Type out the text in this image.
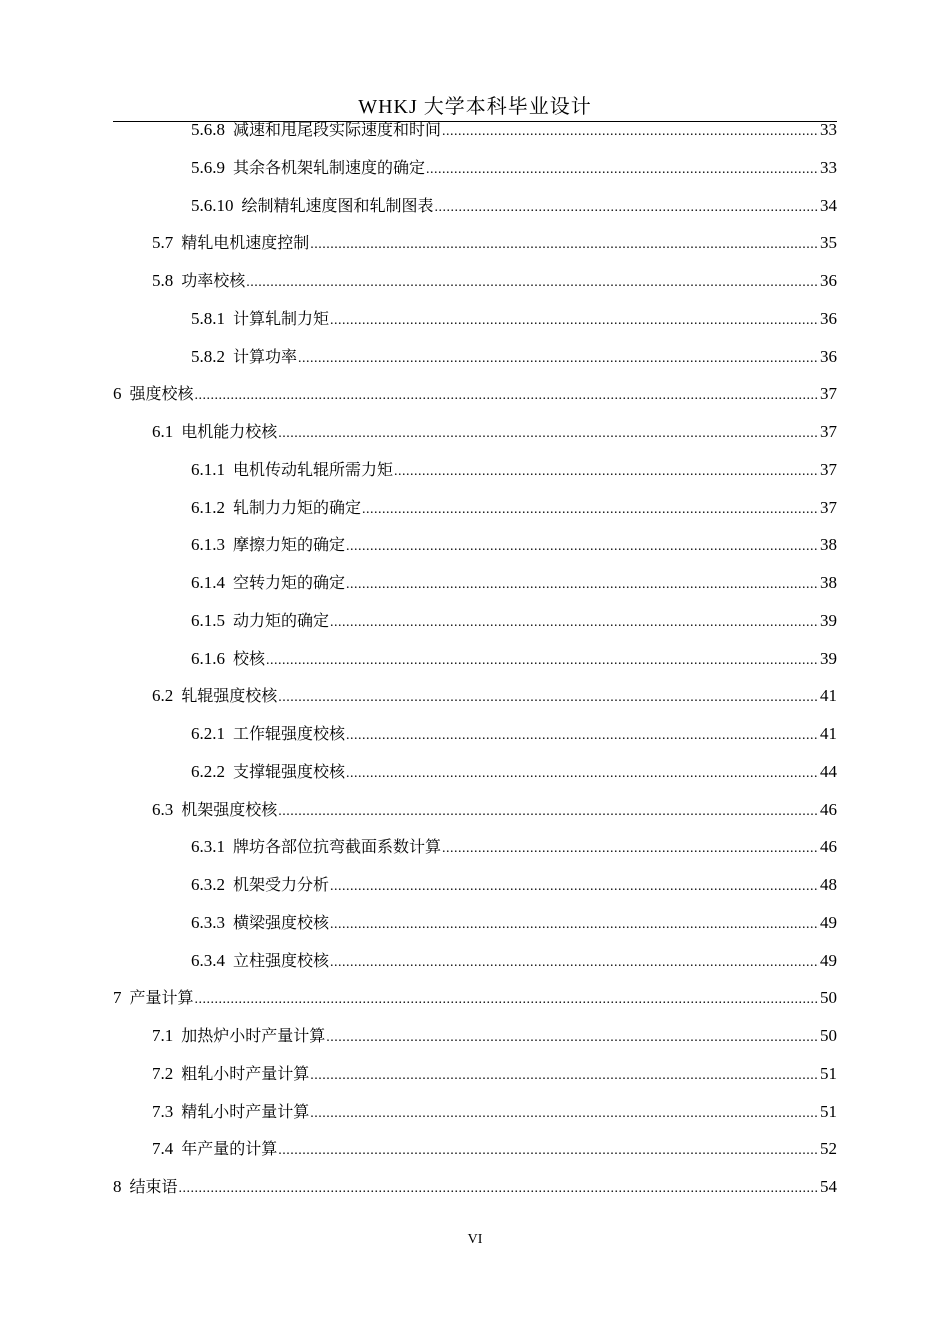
WHKJ 大学本科毕业设计
5.6.8 减速和甩尾段实际速度和时间 .....	33
5.6.9 其余各机架轧制速度的确定 .....	33
5.6.10 绘制精轧速度图和轧制图表 .....	34
5.7 精轧电机速度控制 .....	35
5.8 功率校核 .....	36
5.8.1 计算轧制力矩 .....	36
5.8.2 计算功率 .....	36
6 强度校核 .....	37
6.1 电机能力校核 .....	37
6.1.1 电机传动轧辊所需力矩 .....	37
6.1.2 轧制力力矩的确定 .....	37
6.1.3 摩擦力矩的确定 .....	38
6.1.4 空转力矩的确定 .....	38
6.1.5 动力矩的确定 .....	39
6.1.6 校核 .....	39
6.2 轧辊强度校核 .....	41
6.2.1 工作辊强度校核 .....	41
6.2.2 支撑辊强度校核 .....	44
6.3 机架强度校核 .....	46
6.3.1 牌坊各部位抗弯截面系数计算 .....	46
6.3.2 机架受力分析 .....	48
6.3.3 横梁强度校核 .....	49
6.3.4 立柱强度校核 .....	49
7 产量计算 .....	50
7.1 加热炉小时产量计算 .....	50
7.2 粗轧小时产量计算 .....	51
7.3 精轧小时产量计算 .....	51
7.4 年产量的计算 .....	52
8 结束语 .....	54
VI
